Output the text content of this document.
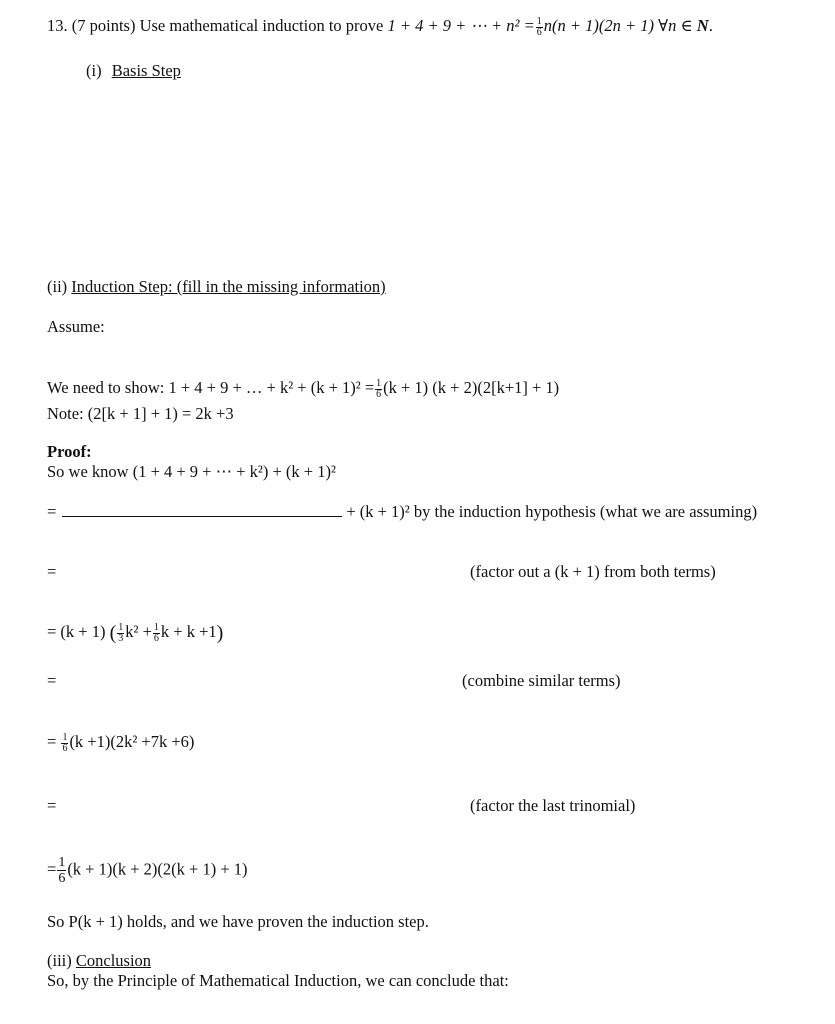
13. (7 points) Use mathematical induction to prove 1 + 4 + 9 + ⋯ + $n^2 = \frac{1}{6} n(n + 1)(2n + 1)$ ∀n ∈ N.
(i) Basis Step
(ii) Induction Step: (fill in the missing information)
Assume:
We need to show: 1 + 4 + 9 + … + $k^2 + (k + 1)^2 = \frac{1}{6} (k + 1) (k + 2)(2[k+1] + 1)$
Note: (2[k + 1] + 1) = 2k +3
Proof:
So we know (1 + 4 + 9 + ⋯ + k²) + (k + 1)²
=	+ (k + 1)² by the induction hypothesis (what we are assuming)
=	(factor out a (k + 1) from both terms)
= (k + 1) ( $\frac{1}{3} k^2 + \frac{1}{6}$ k + k +1)
=	(combine similar terms)
= $\frac{1}{6} (k +1)(2k^2 +7k +6)$
=	(factor the last trinomial)
= $\frac{1}{6} (k + 1)(k + 2)(2(k + 1) + 1)$
So P(k + 1) holds, and we have proven the induction step.
(iii) Conclusion
So, by the Principle of Mathematical Induction, we can conclude that:
